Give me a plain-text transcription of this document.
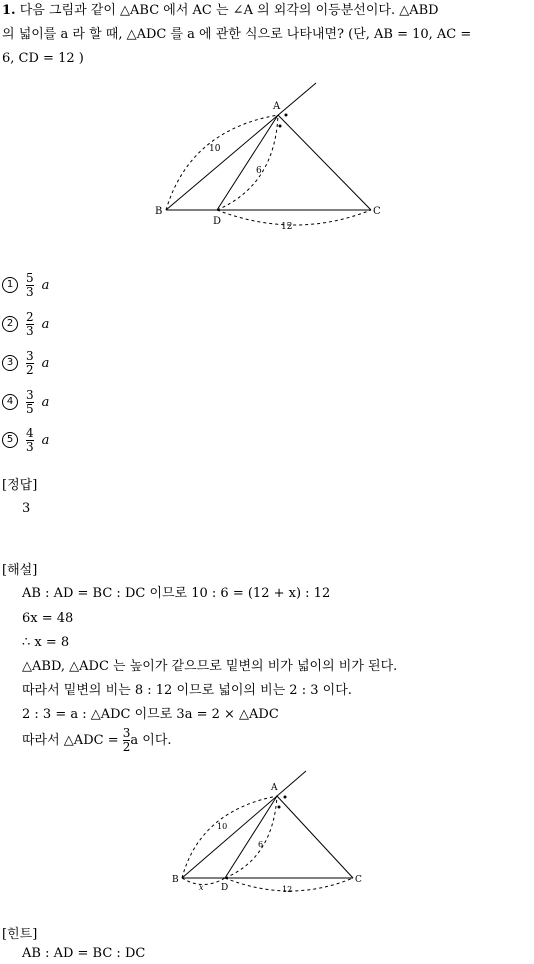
1. 다음 그림과 같이 △ABC 에서 AC 는 ∠A 의 외각의 이등분선이다. △ABD
의 넓이를 a 라 할 때, △ADC 를 a 에 관한 식으로 나타내면? (단, AB = 10, AC =
6, CD = 12 )
A
B	C
D
10
6
12
1	$\frac{5}{3}$ a
2	$\frac{2}{3}$ a
3	$\frac{3}{2}$ a
4	$\frac{3}{5}$ a
5	$\frac{4}{3}$ a
[정답]
3
[해설]
AB : AD = BC : DC 이므로 10 : 6 = (12 + x) : 12
6x = 48
∴ x = 8
△ABD, △ADC 는 높이가 같으므로 밑변의 비가 넓이의 비가 된다.
따라서 밑변의 비는 8 : 12 이므로 넓이의 비는 2 : 3 이다.
2 : 3 = a : △ADC 이므로 3a = 2 × △ADC
따라서 △ADC = $\frac{3}{2}$ a 이다.
A
B	C
D
10
6
x	12
[힌트]
AB : AD = BC : DC
